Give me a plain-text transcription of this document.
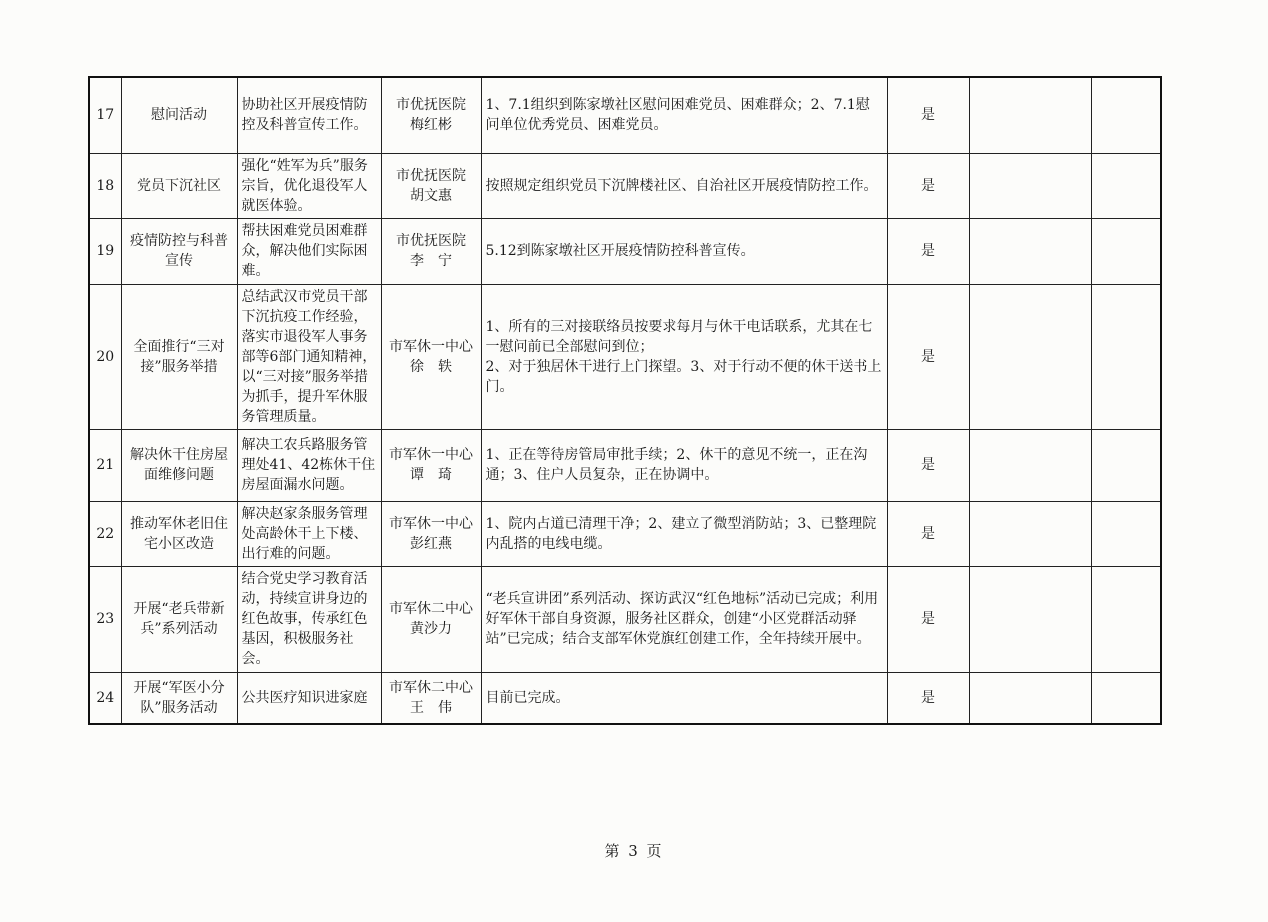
17	慰问活动	协助社区开展疫情防控及科普宣传工作。	市优抚医院
梅红彬	1、7.1组织到陈家墩社区慰问困难党员、困难群众；2、7.1慰问单位优秀党员、困难党员。	是		
18	党员下沉社区	强化“姓军为兵”服务宗旨，优化退役军人就医体验。	市优抚医院
胡文惠	按照规定组织党员下沉牌楼社区、自治社区开展疫情防控工作。	是		
19	疫情防控与科普宣传	帮扶困难党员困难群众，解决他们实际困难。	市优抚医院
李　宁	5.12到陈家墩社区开展疫情防控科普宣传。	是		
20	全面推行“三对接”服务举措	总结武汉市党员干部下沉抗疫工作经验，落实市退役军人事务部等6部门通知精神，以“三对接”服务举措为抓手，提升军休服务管理质量。	市军休一中心
徐　轶	1、所有的三对接联络员按要求每月与休干电话联系，尤其在七一慰问前已全部慰问到位；
2、对于独居休干进行上门探望。3、对于行动不便的休干送书上门。	是		
21	解决休干住房屋面维修问题	解决工农兵路服务管理处41、42栋休干住房屋面漏水问题。	市军休一中心
谭　琦	1、正在等待房管局审批手续；2、休干的意见不统一，正在沟通；3、住户人员复杂，正在协调中。	是		
22	推动军休老旧住宅小区改造	解决赵家条服务管理处高龄休干上下楼、出行难的问题。	市军休一中心
彭红燕	1、院内占道已清理干净；2、建立了微型消防站；3、已整理院内乱搭的电线电缆。	是		
23	开展“老兵带新兵”系列活动	结合党史学习教育活动，持续宣讲身边的红色故事，传承红色基因，积极服务社会。	市军休二中心
黄沙力	“老兵宣讲团”系列活动、探访武汉“红色地标”活动已完成；利用好军休干部自身资源，服务社区群众，创建“小区党群活动驿站”已完成；结合支部军休党旗红创建工作，全年持续开展中。	是		
24	开展“军医小分队”服务活动	公共医疗知识进家庭	市军休二中心
王　伟	目前已完成。	是		
第 3 页
